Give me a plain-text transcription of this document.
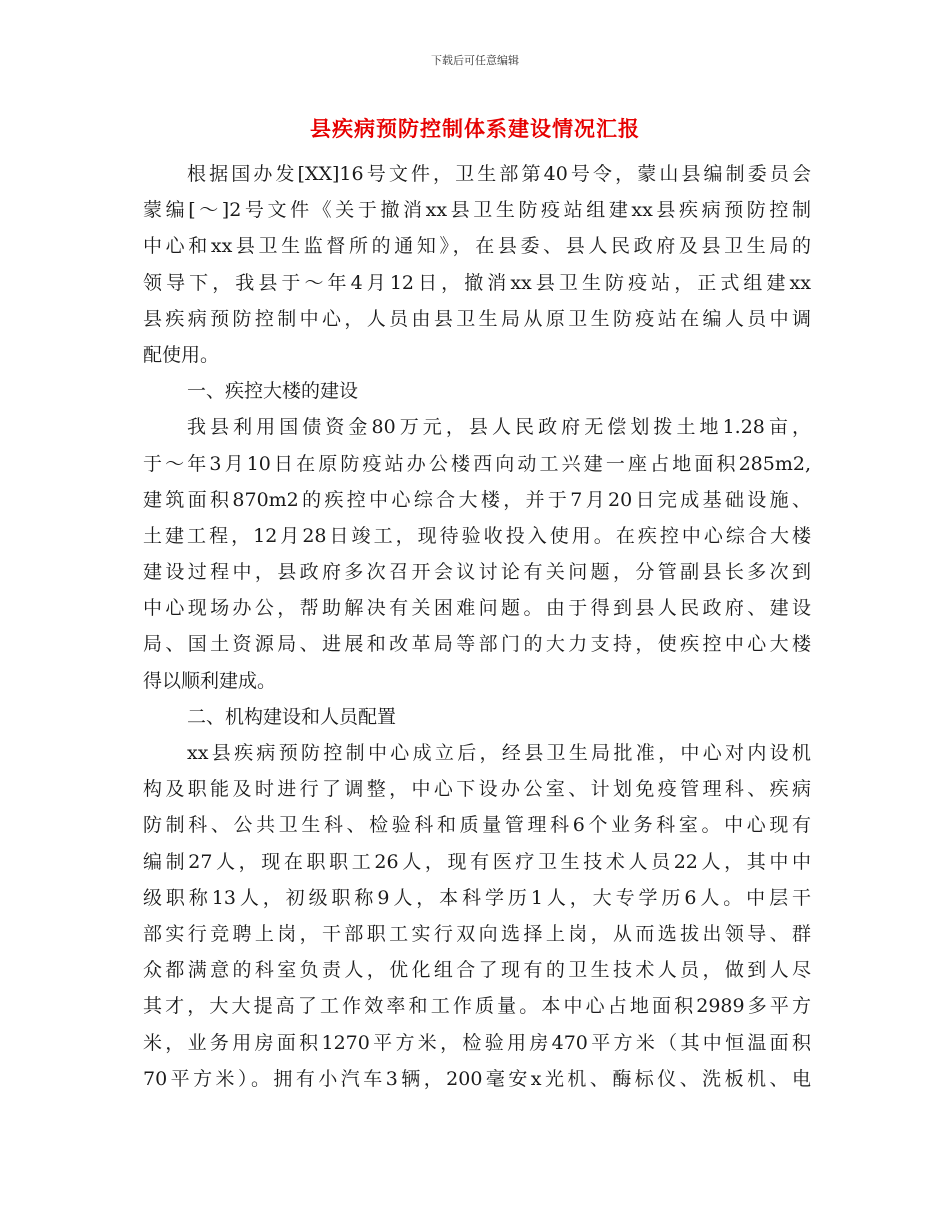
下载后可任意编辑
县疾病预防控制体系建设情况汇报
根据国办发[XX]16号文件，卫生部第40号令，蒙山县编制委员会
蒙编[～]2号文件《关于撤消xx县卫生防疫站组建xx县疾病预防控制
中心和xx县卫生监督所的通知》，在县委、县人民政府及县卫生局的
领导下，我县于～年4月12日，撤消xx县卫生防疫站，正式组建xx
县疾病预防控制中心，人员由县卫生局从原卫生防疫站在编人员中调
配使用。
一、疾控大楼的建设
我县利用国债资金80万元，县人民政府无偿划拨土地1.28亩，
于～年3月10日在原防疫站办公楼西向动工兴建一座占地面积285m2,
建筑面积870m2的疾控中心综合大楼，并于7月20日完成基础设施、
土建工程，12月28日竣工，现待验收投入使用。在疾控中心综合大楼
建设过程中，县政府多次召开会议讨论有关问题，分管副县长多次到
中心现场办公，帮助解决有关困难问题。由于得到县人民政府、建设
局、国土资源局、进展和改革局等部门的大力支持，使疾控中心大楼
得以顺利建成。
二、机构建设和人员配置
xx县疾病预防控制中心成立后，经县卫生局批准，中心对内设机
构及职能及时进行了调整，中心下设办公室、计划免疫管理科、疾病
防制科、公共卫生科、检验科和质量管理科6个业务科室。中心现有
编制27人，现在职职工26人，现有医疗卫生技术人员22人，其中中
级职称13人，初级职称9人，本科学历1人，大专学历6人。中层干
部实行竞聘上岗，干部职工实行双向选择上岗，从而选拔出领导、群
众都满意的科室负责人，优化组合了现有的卫生技术人员，做到人尽
其才，大大提高了工作效率和工作质量。本中心占地面积2989多平方
米，业务用房面积1270平方米，检验用房470平方米（其中恒温面积
70平方米）。拥有小汽车3辆，200毫安x光机、酶标仪、洗板机、电
